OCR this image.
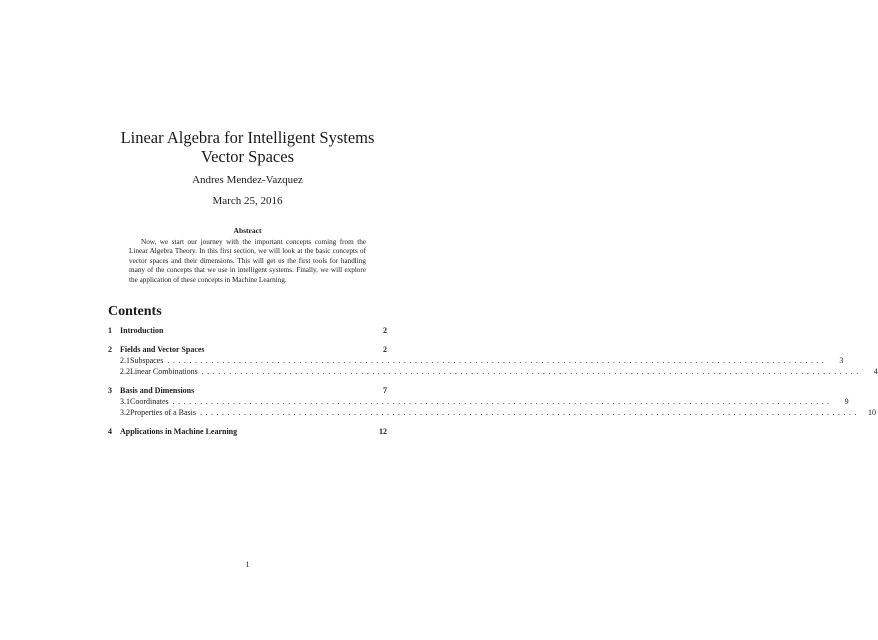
Linear Algebra for Intelligent Systems
Vector Spaces
Andres Mendez-Vazquez
March 25, 2016
Abstract
Now, we start our journey with the important concepts coming from the Linear Algebra Theory. In this first section, we will look at the basic concepts of vector spaces and their dimensions. This will get us the first tools for handling many of the concepts that we use in intelligent systems. Finally, we will explore the application of these concepts in Machine Learning.
Contents
1	Introduction	2
2	Fields and Vector Spaces	2
2.1 Subspaces ........................................................................................................................	3
2.2 Linear Combinations ........................................................................................................................	4
3	Basis and Dimensions	7
3.1 Coordinates ........................................................................................................................	9
3.2 Properties of a Basis ........................................................................................................................	10
4	Applications in Machine Learning	12
1
